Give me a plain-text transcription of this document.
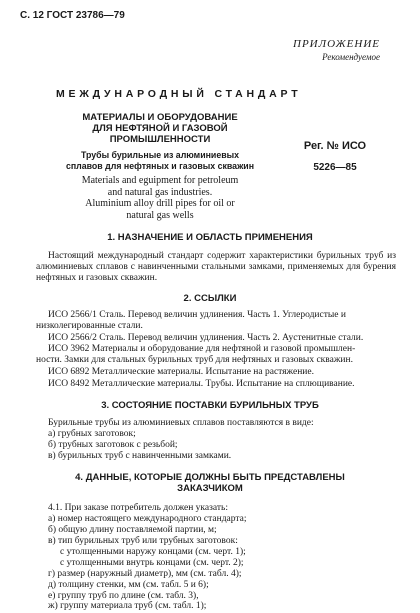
С. 12 ГОСТ 23786—79
ПРИЛОЖЕНИЕ
Рекомендуемое
МЕЖДУНАРОДНЫЙ СТАНДАРТ
МАТЕРИАЛЫ И ОБОРУДОВАНИЕ
ДЛЯ НЕФТЯНОЙ И ГАЗОВОЙ
ПРОМЫШЛЕННОСТИ
Трубы бурильные из алюминиевых
сплавов для нефтяных и газовых скважин
Materials and eguipment for petroleum
and natural gas industries.
Aluminium alloy drill pipes for oil or
natural gas wells
Рег. № ИСО
5226—85
1. НАЗНАЧЕНИЕ И ОБЛАСТЬ ПРИМЕНЕНИЯ
Настоящий международный стандарт содержит характеристики бурильных труб из алюминиевых сплавов с навинченными стальными замками, применяемых для бурения нефтяных и газовых скважин.
2. ССЫЛКИ
ИСО 2566/1 Сталь. Перевод величин удлинения. Часть 1. Углеродистые и
низколегированные стали.
ИСО 2566/2 Сталь. Перевод величин удлинения. Часть 2. Аустенитные стали.
ИСО 3962 Материалы и оборудование для нефтяной и газовой промышлен-
ности. Замки для стальных бурильных труб для нефтяных и газовых скважин.
ИСО 6892 Металлические материалы. Испытание на растяжение.
ИСО 8492 Металлические материалы. Трубы. Испытание на сплющивание.
3. СОСТОЯНИЕ ПОСТАВКИ БУРИЛЬНЫХ ТРУБ
Бурильные трубы из алюминиевых сплавов поставляются в виде:
а) грубных заготовок;
б) трубных заготовок с резьбой;
в) бурильных труб с навинченными замками.
4. ДАННЫЕ, КОТОРЫЕ ДОЛЖНЫ БЫТЬ ПРЕДСТАВЛЕНЫ
ЗАКАЗЧИКОМ
4.1. При заказе потребитель должен указать:
а) номер настоящего международного стандарта;
б) общую длину поставляемой партии, м;
в) тип бурильных труб или трубных заготовок:
с утолщенными наружу концами (см. черт. 1);
с утолщенными внутрь концами (см. черт. 2);
г) размер (наружный диаметр), мм (см. табл. 4);
д) толщину стенки, мм (см. табл. 5 и 6);
е) группу труб по длине (см. табл. 3),
ж) группу материала труб (см. табл. 1);
